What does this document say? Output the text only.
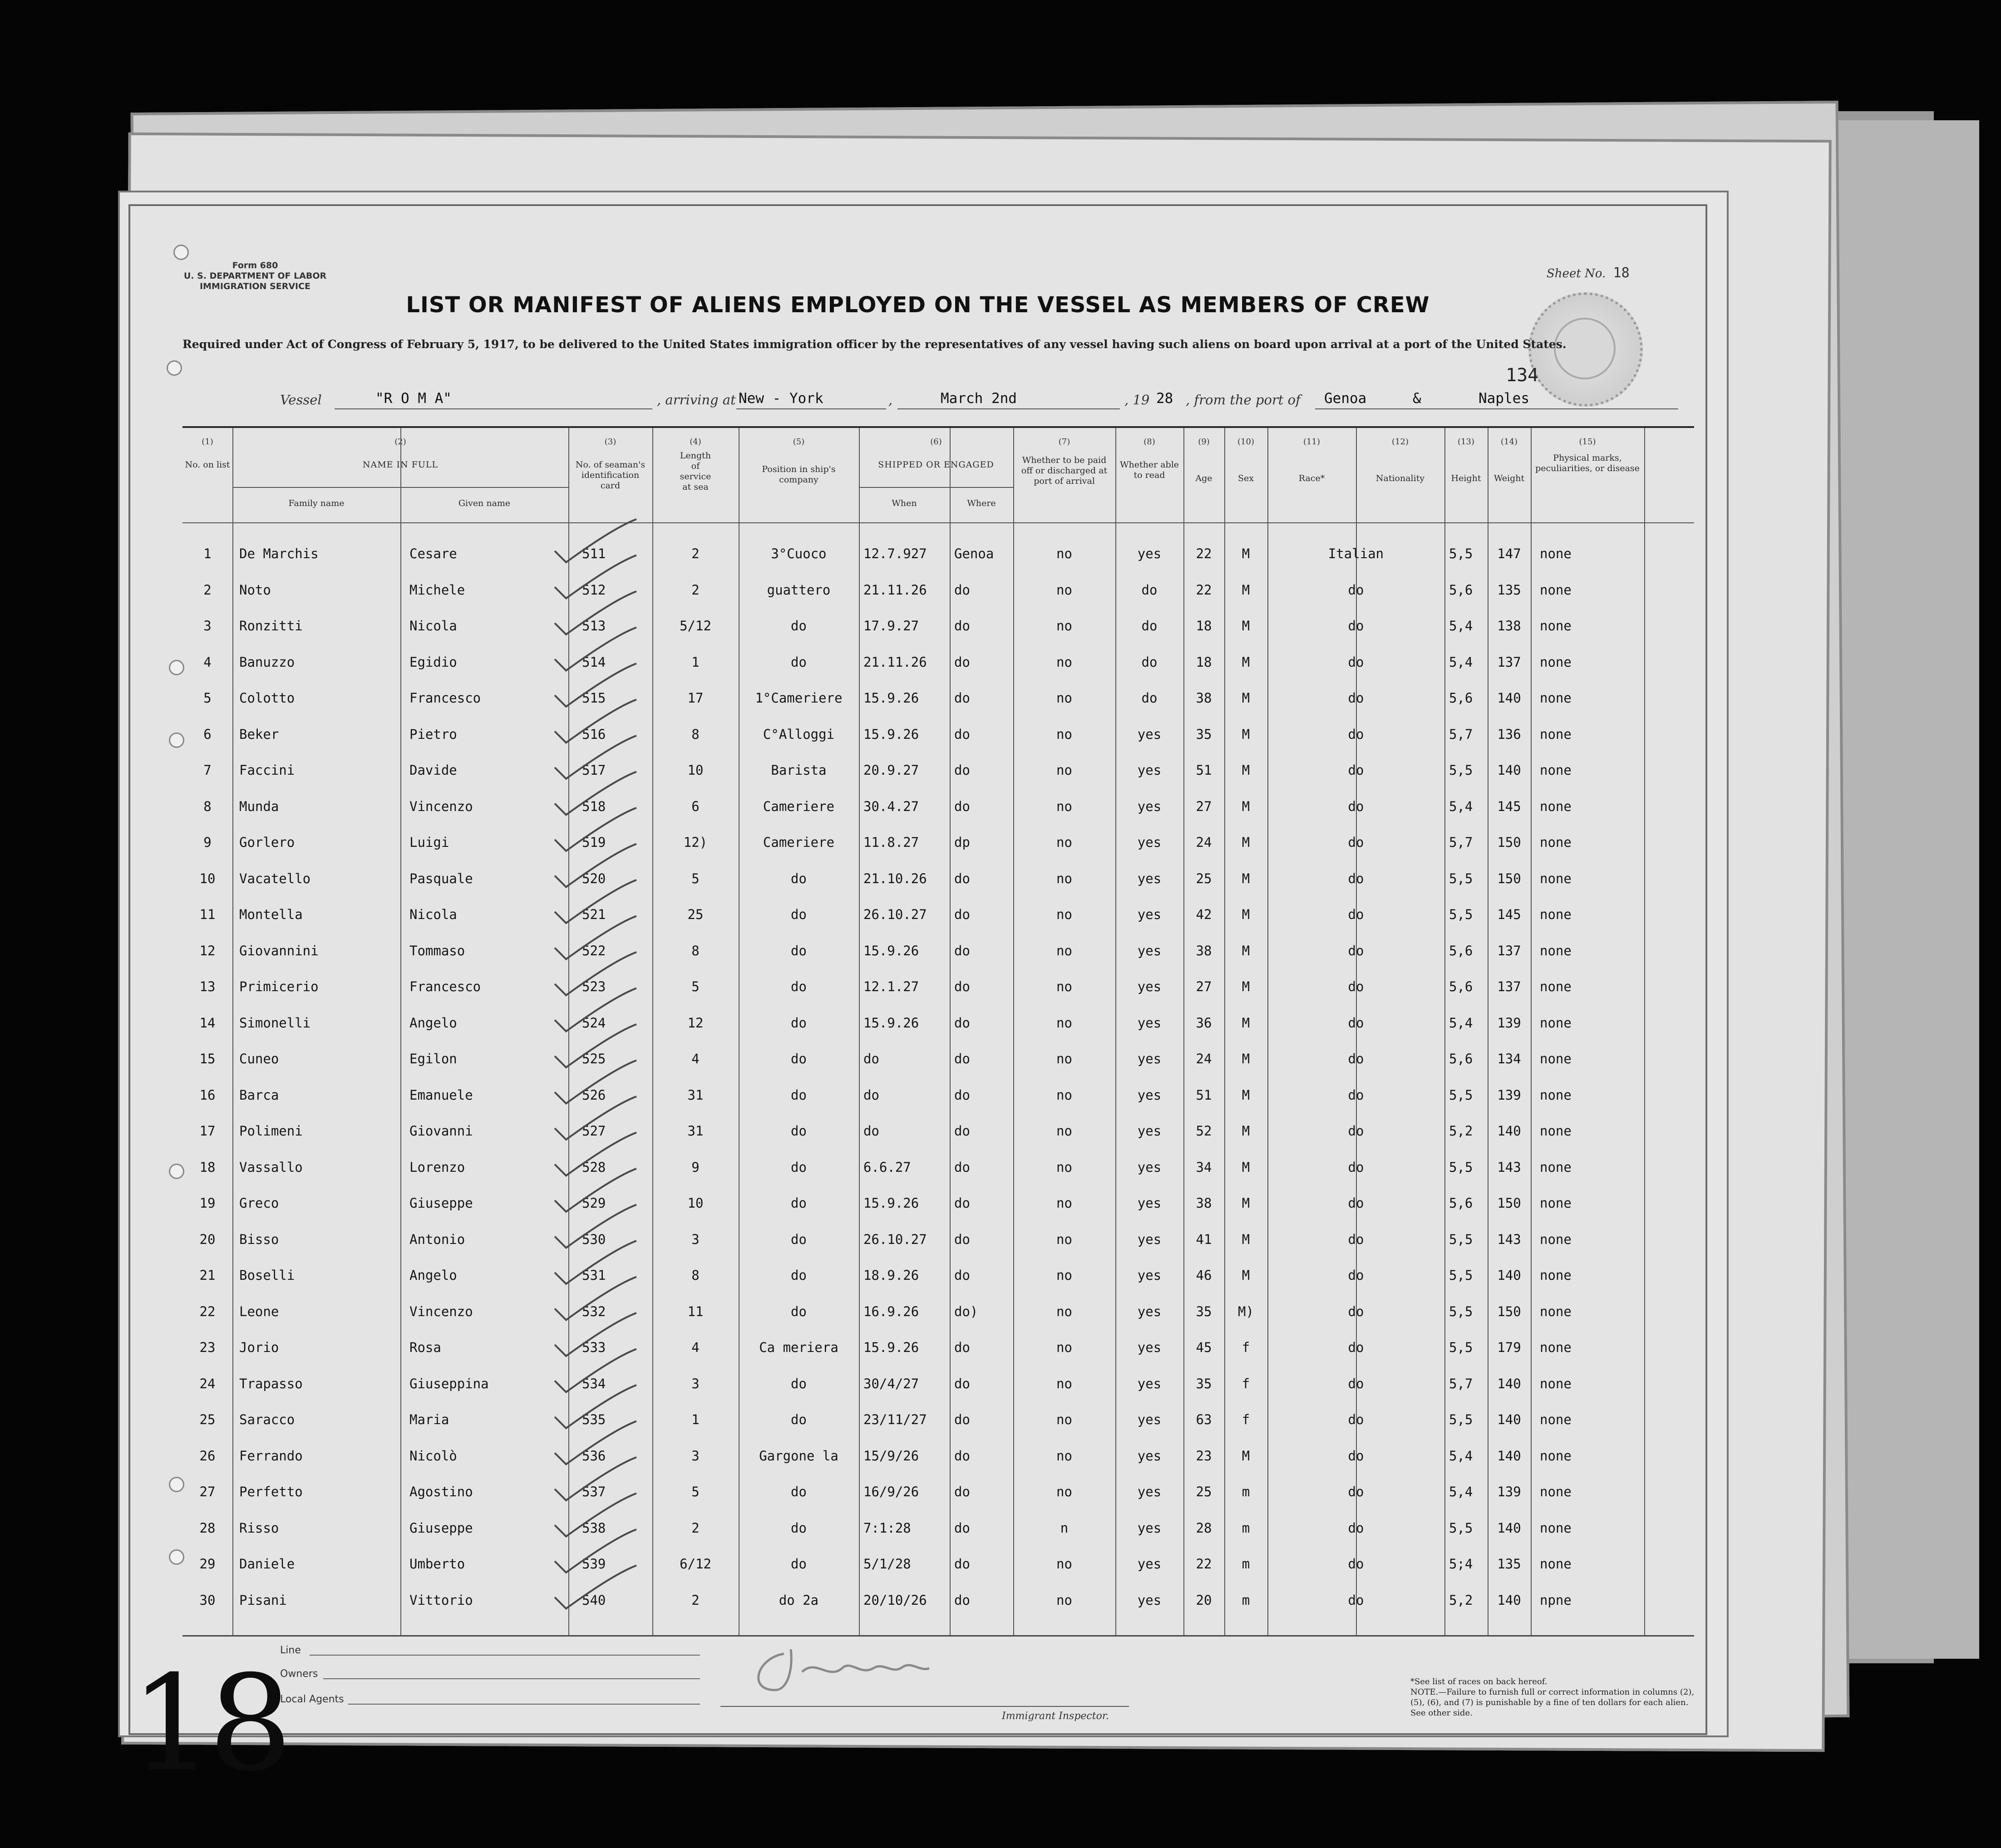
Form 680
U. S. DEPARTMENT OF LABOR
IMMIGRATION SERVICE
Sheet No. 18
LIST OR MANIFEST OF ALIENS EMPLOYED ON THE VESSEL AS MEMBERS OF CREW
Required under Act of Congress of February 5, 1917, to be delivered to the United States immigration officer by the representatives of any vessel having such aliens on board upon arrival at a port of the United States.
134
Vessel	"R O M A"	, arriving at New - York	,	March 2nd	, 19 28 , from the port of Genoa	&	Naples
(1)
No. on list
(2)
NAME IN FULL
Family name	Given name
(3)
No. of seaman's identification card
(4)
Length of service at sea
(5)
Position in ship's company
(6)
SHIPPED OR ENGAGED
When	Where
(7)
Whether to be paid off or discharged at port of arrival
(8)
Whether able to read
(9)
Age
(10)
Sex
(11)
Race*
(12)
Nationality
(13)
Height
(14)
Weight
(15)
Physical marks, peculiarities, or disease
1	De Marchis	Cesare	511	2	3°Cuoco	12.7.927 Genoa	no	yes	22	M	Italian	5,5	147	none
2	Noto	Michele	512	2	guattero	21.11.26 do	no	do	22	M	do	5,6	135	none
3	Ronzitti	Nicola	513	5/12	do	17.9.27	do	no	do	18	M	do	5,4	138	none
4	Banuzzo	Egidio	514	1	do	21.11.26 do	no	do	18	M	do	5,4	137	none
5	Colotto	Francesco	515	17	1°Cameriere	15.9.26	do	no	do	38	M	do	5,6	140	none
6	Beker	Pietro	516	8	C°Alloggi	15.9.26	do	no	yes	35	M	do	5,7	136	none
7	Faccini	Davide	517	10	Barista	20.9.27	do	no	yes	51	M	do	5,5	140	none
8	Munda	Vincenzo	518	6	Cameriere	30.4.27	do	no	yes	27	M	do	5,4	145	none
9	Gorlero	Luigi	519	12)	Cameriere	11.8.27	dp	no	yes	24	M	do	5,7	150	none
10	Vacatello	Pasquale	520	5	do	21.10.26 do	no	yes	25	M	do	5,5	150	none
11	Montella	Nicola	521	25	do	26.10.27 do	no	yes	42	M	do	5,5	145	none
12	Giovannini	Tommaso	522	8	do	15.9.26	do	no	yes	38	M	do	5,6	137	none
13	Primicerio	Francesco	523	5	do	12.1.27	do	no	yes	27	M	do	5,6	137	none
14	Simonelli	Angelo	524	12	do	15.9.26	do	no	yes	36	M	do	5,4	139	none
15	Cuneo	Egilon	525	4	do	do	do	no	yes	24	M	do	5,6	134	none
16	Barca	Emanuele	526	31	do	do	do	no	yes	51	M	do	5,5	139	none
17	Polimeni	Giovanni	527	31	do	do	do	no	yes	52	M	do	5,2	140	none
18	Vassallo	Lorenzo	528	9	do	6.6.27	do	no	yes	34	M	do	5,5	143	none
19	Greco	Giuseppe	529	10	do	15.9.26	do	no	yes	38	M	do	5,6	150	none
20	Bisso	Antonio	530	3	do	26.10.27 do	no	yes	41	M	do	5,5	143	none
21	Boselli	Angelo	531	8	do	18.9.26	do	no	yes	46	M	do	5,5	140	none
22	Leone	Vincenzo	532	11	do	16.9.26	do)	no	yes	35	M)	do	5,5	150	none
23	Jorio	Rosa	533	4	Ca meriera	15.9.26	do	no	yes	45	f	do	5,5	179	none
24	Trapasso	Giuseppina	534	3	do	30/4/27	do	no	yes	35	f	do	5,7	140	none
25	Saracco	Maria	535	1	do	23/11/27 do	no	yes	63	f	do	5,5	140	none
26	Ferrando	Nicolò	536	3	Gargone la	15/9/26	do	no	yes	23	M	do	5,4	140	none
27	Perfetto	Agostino	537	5	do	16/9/26	do	no	yes	25	m	do	5,4	139	none
28	Risso	Giuseppe	538	2	do	7:1:28	do	n	yes	28	m	do	5,5	140	none
29	Daniele	Umberto	539	6/12	do	5/1/28	do	no	yes	22	m	do	5;4	135	none
30	Pisani	Vittorio	540	2	do 2a	20/10/26 do	no	yes	20	m	do	5,2	140	npne
18
Line
Owners
Local Agents
Immigrant Inspector.
*See list of races on back hereof.
NOTE.—Failure to furnish full or correct information in columns (2), (5), (6), and (7) is punishable by a fine of ten dollars for each alien. See other side.
